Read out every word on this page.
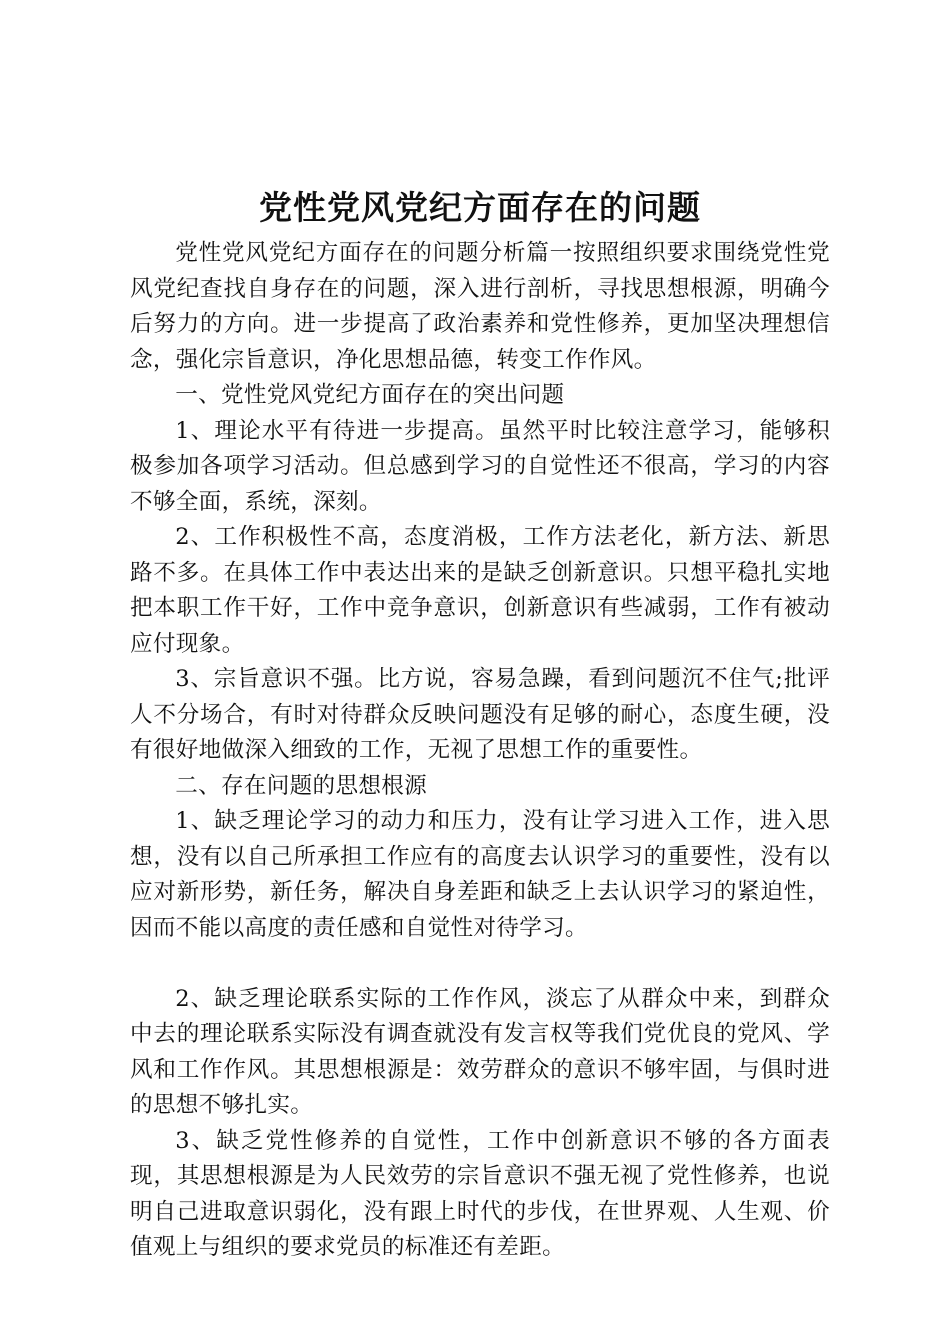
党性党风党纪方面存在的问题

党性党风党纪方面存在的问题分析篇一按照组织要求围绕党性党风党纪查找自身存在的问题，深入进行剖析，寻找思想根源，明确今后努力的方向。进一步提高了政治素养和党性修养，更加坚决理想信念，强化宗旨意识，净化思想品德，转变工作作风。

一、党性党风党纪方面存在的突出问题

1、理论水平有待进一步提高。虽然平时比较注意学习，能够积极参加各项学习活动。但总感到学习的自觉性还不很高，学习的内容不够全面，系统，深刻。

2、工作积极性不高，态度消极，工作方法老化，新方法、新思路不多。在具体工作中表达出来的是缺乏创新意识。只想平稳扎实地把本职工作干好，工作中竞争意识，创新意识有些减弱，工作有被动应付现象。

3、宗旨意识不强。比方说，容易急躁，看到问题沉不住气;批评人不分场合，有时对待群众反映问题没有足够的耐心，态度生硬，没有很好地做深入细致的工作，无视了思想工作的重要性。

二、存在问题的思想根源

1、缺乏理论学习的动力和压力，没有让学习进入工作，进入思想，没有以自己所承担工作应有的高度去认识学习的重要性，没有以应对新形势，新任务，解决自身差距和缺乏上去认识学习的紧迫性，因而不能以高度的责任感和自觉性对待学习。

2、缺乏理论联系实际的工作作风，淡忘了从群众中来，到群众中去的理论联系实际没有调查就没有发言权等我们党优良的党风、学风和工作作风。其思想根源是：效劳群众的意识不够牢固，与俱时进的思想不够扎实。

3、缺乏党性修养的自觉性，工作中创新意识不够的各方面表现，其思想根源是为人民效劳的宗旨意识不强无视了党性修养，也说明自己进取意识弱化，没有跟上时代的步伐，在世界观、人生观、价值观上与组织的要求党员的标准还有差距。
